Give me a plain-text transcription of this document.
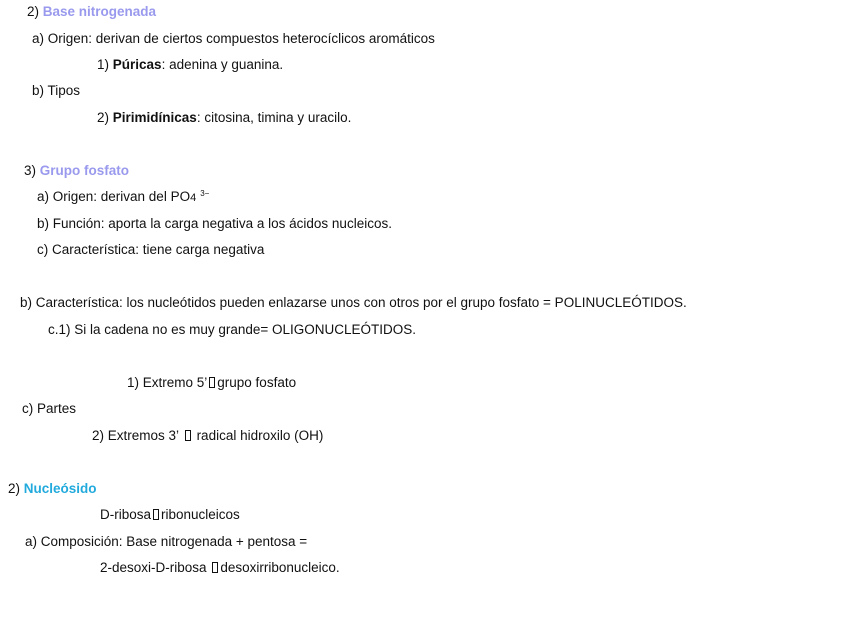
2) Base nitrogenada
a) Origen: derivan de ciertos compuestos heterocíclicos aromáticos
1) Púricas: adenina y guanina.
b) Tipos
2) Pirimidínicas: citosina, timina y uracilo.
3) Grupo fosfato
a) Origen: derivan del PO4 $^{3-}$
b) Función: aporta la carga negativa a los ácidos nucleicos.
c) Característica: tiene carga negativa
b) Característica: los nucleótidos pueden enlazarse unos con otros por el grupo fosfato = POLINUCLEÓTIDOS.
c.1) Si la cadena no es muy grande= OLIGONUCLEÓTIDOS.
1) Extremo 5’ grupo fosfato
c) Partes
2) Extremos 3’ radical hidroxilo (OH)
2) Nucleósido
D-ribosa ribonucleicos
a) Composición: Base nitrogenada + pentosa =
2-desoxi-D-ribosa desoxirribonucleico.
